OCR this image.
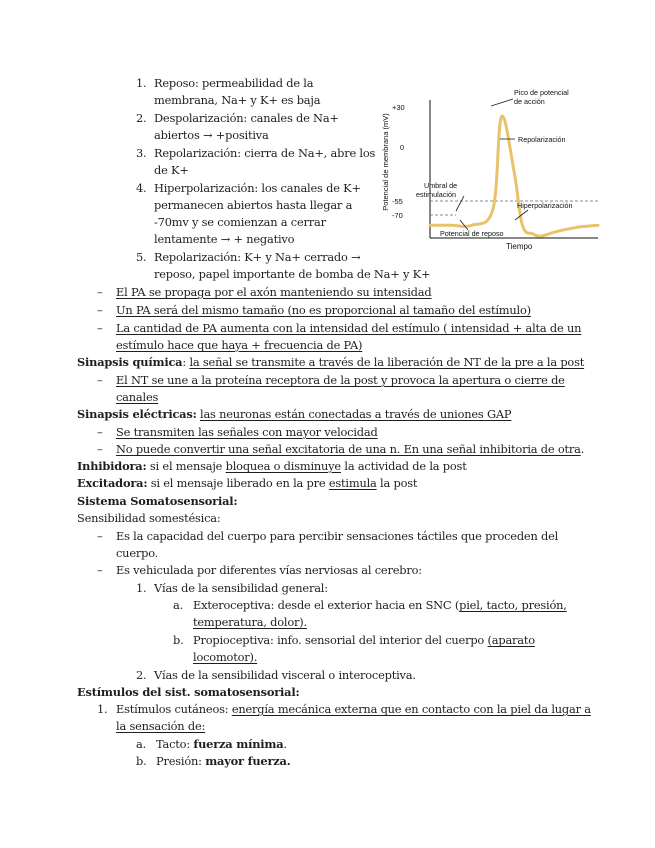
1. Reposo: permeabilidad de la
membrana, Na+ y K+ es baja
2. Despolarización: canales de Na+
abiertos → +positiva
3. Repolarización: cierra de Na+, abre los
de K+
4. Hiperpolarización: los canales de K+
permanecen abiertos hasta llegar a
-70mv y se comienzan a cerrar
lentamente → + negativo
5. Repolarización: K+ y Na+ cerrado →
reposo, papel importante de bomba de Na+ y K+
Potencial de membrana (mV)
+30
0
-55
-70
Pico de potencial
de acción
Repolarización
Umbral de
estimulación
Hiperpolarización
Potencial de reposo
Tiempo
– El PA se propaga por el axón manteniendo su intensidad
– Un PA será del mismo tamaño (no es proporcional al tamaño del estímulo)
– La cantidad de PA aumenta con la intensidad del estímulo ( intensidad + alta de un
estímulo hace que haya + frecuencia de PA)
Sinapsis química: la señal se transmite a través de la liberación de NT de la pre a la post
– El NT se une a la proteína receptora de la post y provoca la apertura o cierre de
canales
Sinapsis eléctricas: las neuronas están conectadas a través de uniones GAP
– Se transmiten las señales con mayor velocidad
– No puede convertir una señal excitatoria de una n. En una señal inhibitoria de otra.
Inhibidora: si el mensaje bloquea o disminuye la actividad de la post
Excitadora: si el mensaje liberado en la pre estimula la post
Sistema Somatosensorial:
Sensibilidad somestésica:
– Es la capacidad del cuerpo para percibir sensaciones táctiles que proceden del
cuerpo.
– Es vehiculada por diferentes vías nerviosas al cerebro:
1. Vías de la sensibilidad general:
a. Exteroceptiva: desde el exterior hacia en SNC (piel, tacto, presión,
temperatura, dolor).
b. Propioceptiva: info. sensorial del interior del cuerpo (aparato
locomotor).
2. Vías de la sensibilidad visceral o interoceptiva.
Estímulos del sist. somatosensorial:
1. Estímulos cutáneos: energía mecánica externa que en contacto con la piel da lugar a
la sensación de:
a. Tacto: fuerza mínima.
b. Presión: mayor fuerza.
